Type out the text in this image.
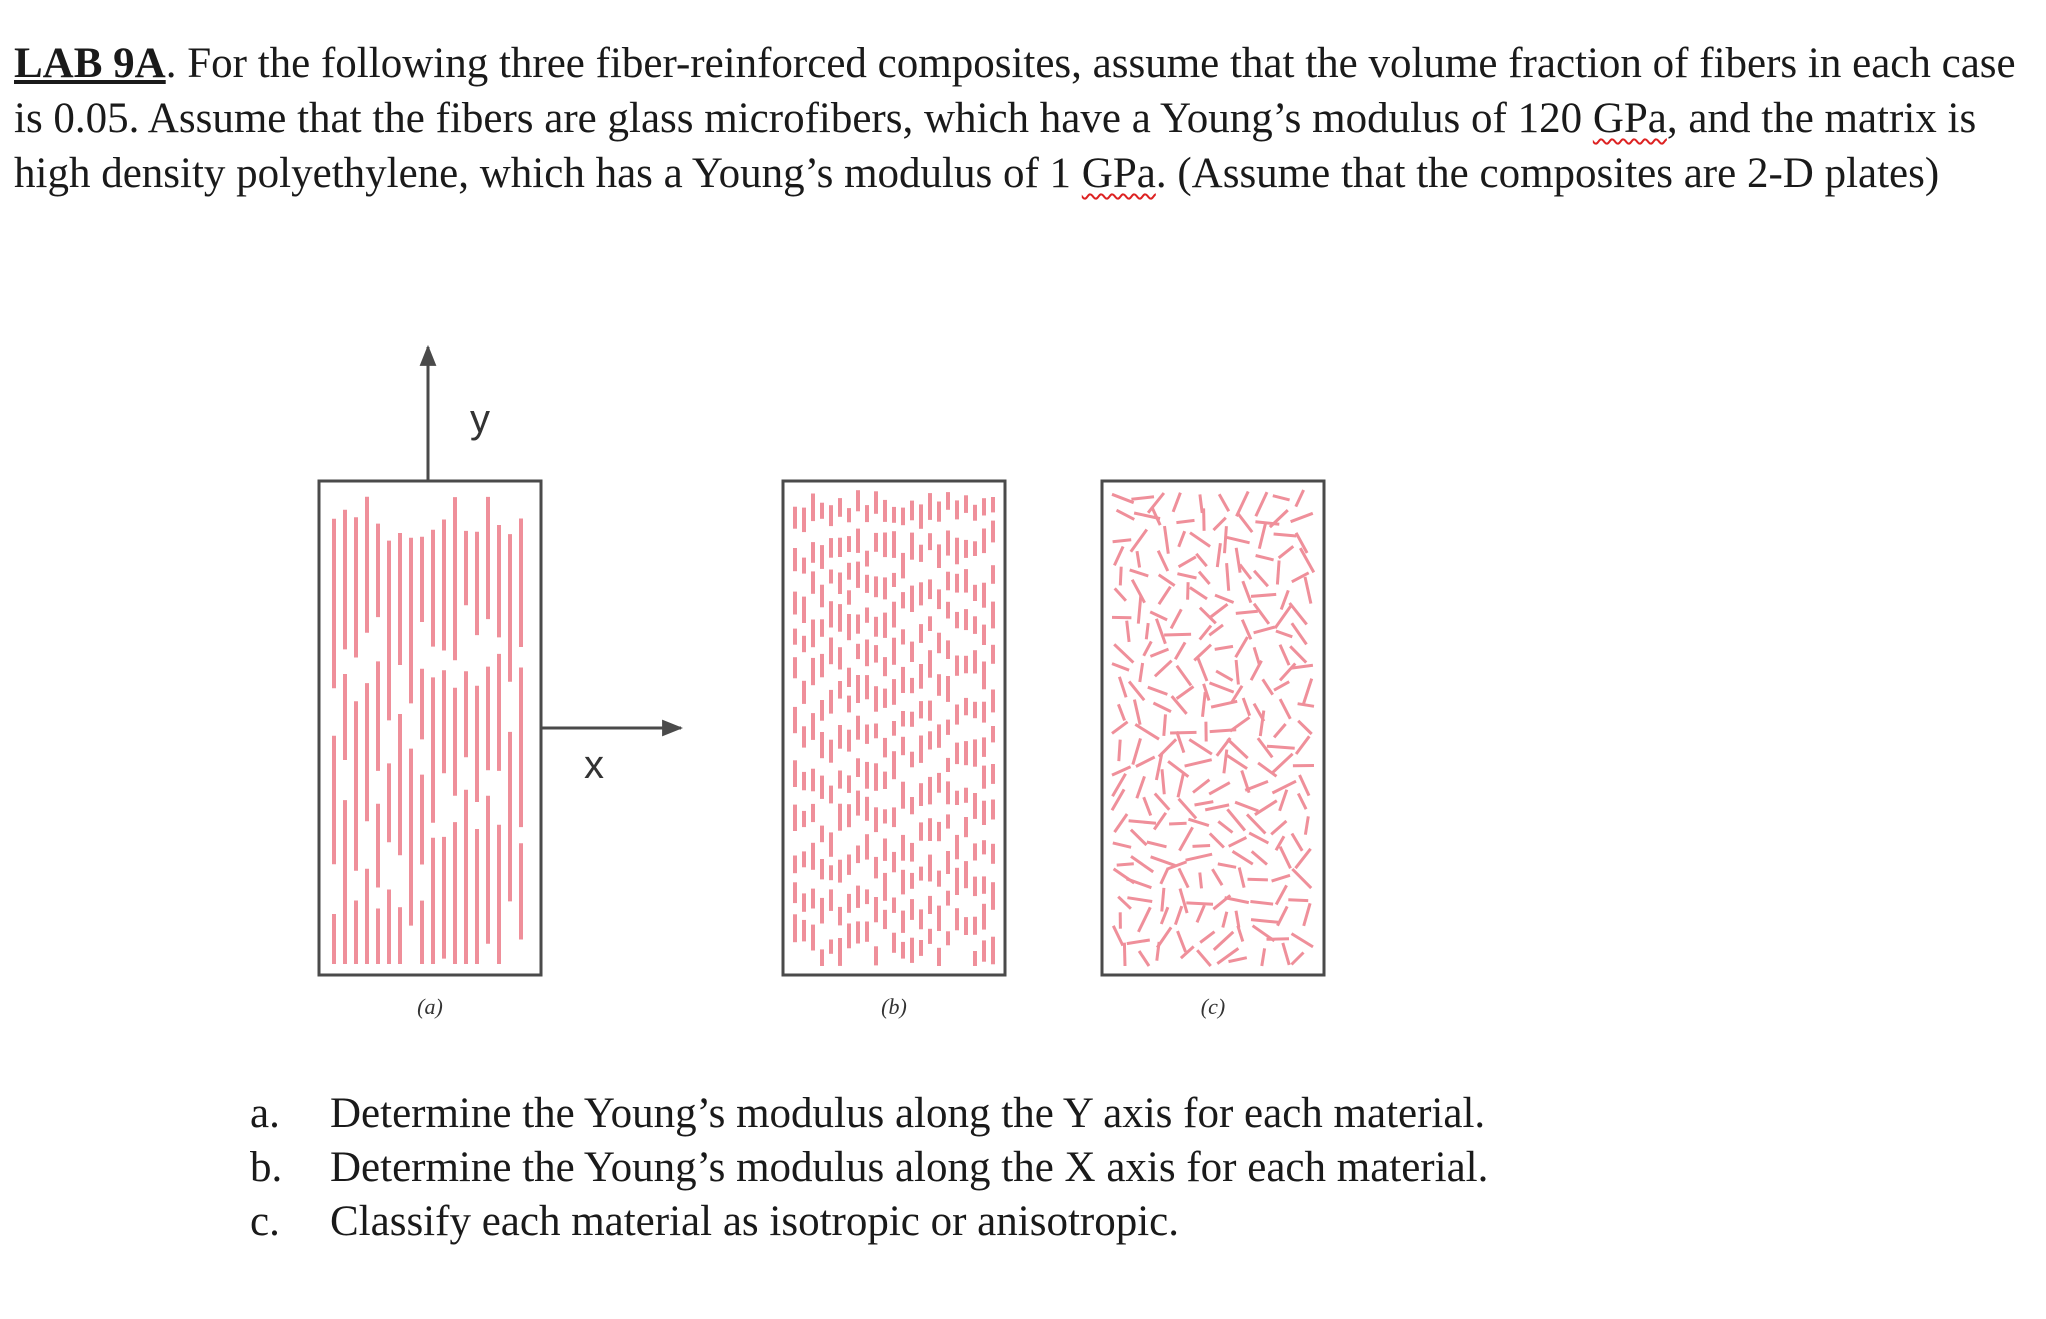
LAB 9A. For the following three fiber-reinforced composites, assume that the volume fraction of fibers in each case is 0.05. Assume that the fibers are glass microfibers, which have a Young’s modulus of 120 GPa, and the matrix is high density polyethylene, which has a Young’s modulus of 1 GPa. (Assume that the composites are 2-D plates)

y
x
(a)	(b)	(c)
a.	Determine the Young’s modulus along the Y axis for each material.
b.	Determine the Young’s modulus along the X axis for each material.
c.	Classify each material as isotropic or anisotropic.
